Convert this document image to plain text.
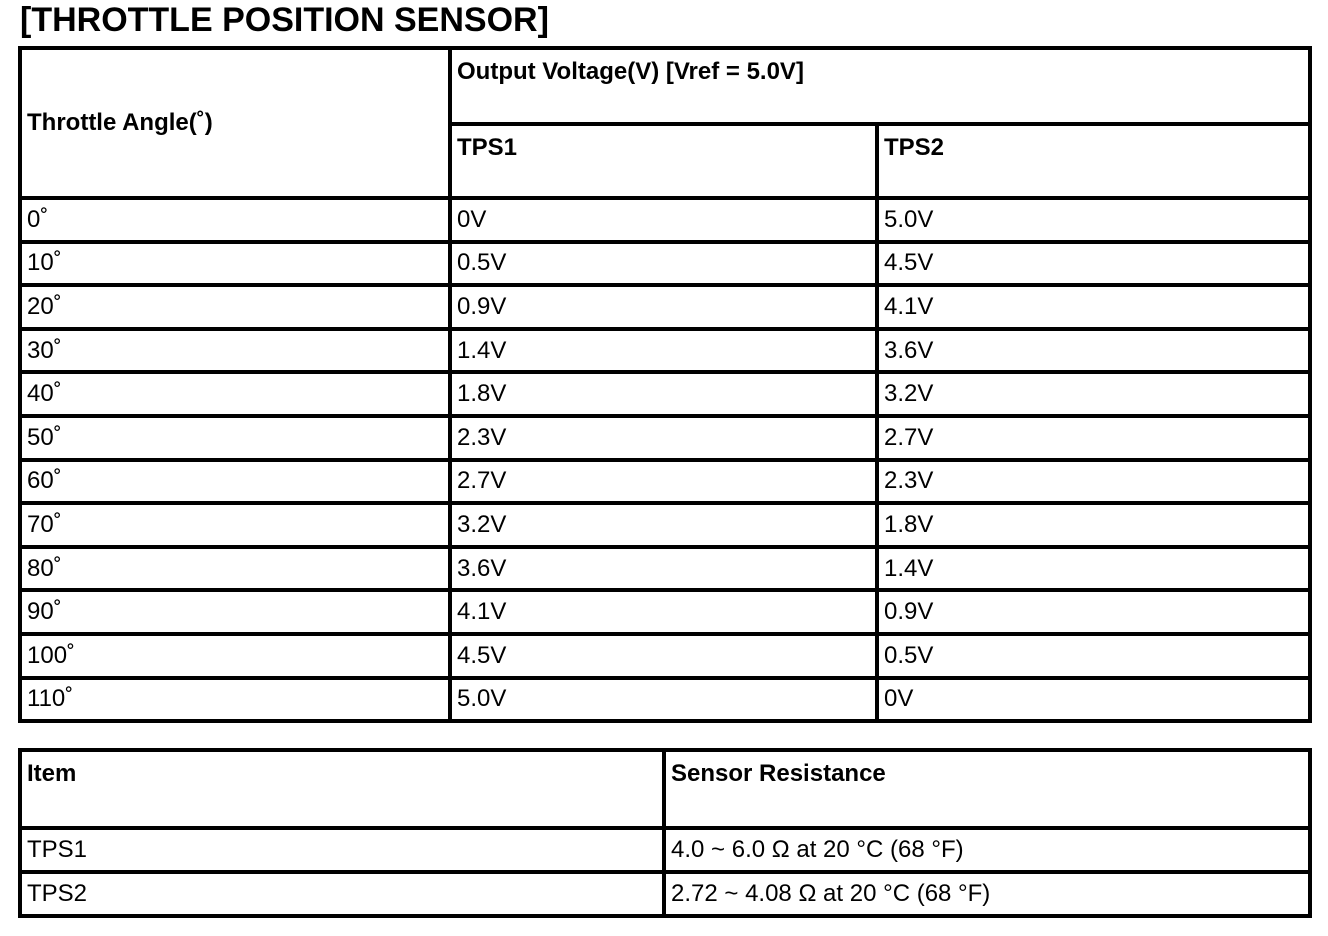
[THROTTLE POSITION SENSOR]
Throttle Angle(˚)	Output Voltage(V) [Vref = 5.0V]	
	TPS1	TPS2
0˚	0V	5.0V
10˚	0.5V	4.5V
20˚	0.9V	4.1V
30˚	1.4V	3.6V
40˚	1.8V	3.2V
50˚	2.3V	2.7V
60˚	2.7V	2.3V
70˚	3.2V	1.8V
80˚	3.6V	1.4V
90˚	4.1V	0.9V
100˚	4.5V	0.5V
110˚	5.0V	0V
Item	Sensor Resistance
TPS1	4.0 ~ 6.0 Ω at 20 °C (68 °F)
TPS2	2.72 ~ 4.08 Ω at 20 °C (68 °F)
